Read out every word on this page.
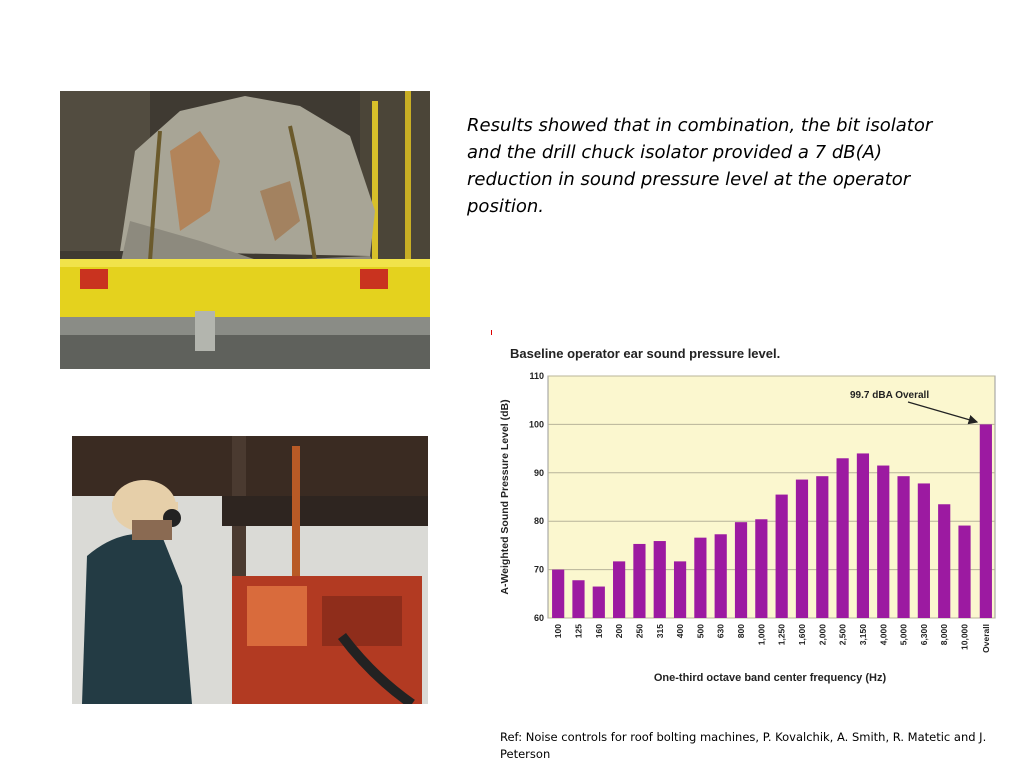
Results showed that in combination, the bit isolator and the drill chuck isolator provided a 7 dB(A) reduction in sound pressure level at the operator position.
Baseline operator ear sound pressure level.
60
70
80
90
100
110
100 125 160 200 250 315 400 500 630 800 1,000 1,250 1,600 2,000 2,500 3,150 4,000 5,000 6,300 8,000 10,000 Overall
A-Weighted Sound Pressure Level (dB)
One-third octave band center frequency (Hz)
99.7 dBA Overall
Ref: Noise controls for roof bolting machines, P. Kovalchik, A. Smith, R. Matetic and J. Peterson
